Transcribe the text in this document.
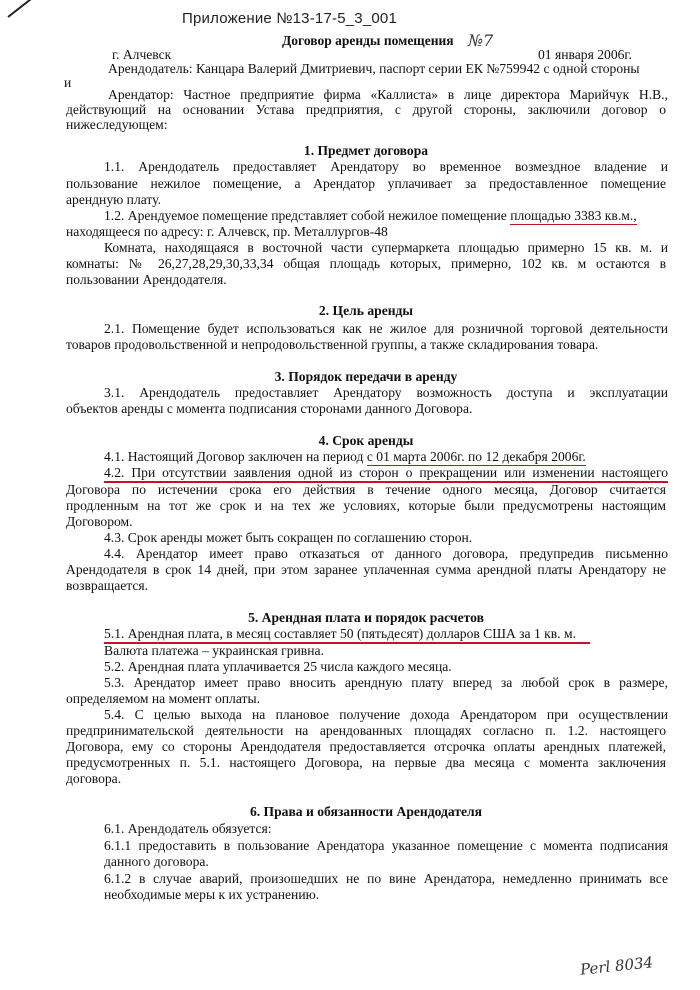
Приложение №13-17-5_3_001
№7
Договор аренды помещения
г. Алчевск	01 января 2006г.
Арендодатель: Канцара Валерий Дмитриевич, паспорт серии ЕК №759942 с одной стороны
и
Арендатор: Частное предприятие фирма «Каллиста» в лице директора Марийчук Н.В.,
действующий на основании Устава предприятия, с другой стороны, заключили договор о
нижеследующем:
1. Предмет договора
1.1. Арендодатель предоставляет Арендатору во временное возмездное владение и
пользование нежилое помещение, а Арендатор уплачивает за предоставленное помещение
арендную плату.
1.2. Арендуемое помещение представляет собой нежилое помещение площадью 3383 кв.м.,
находящееся по адресу: г. Алчевск, пр. Металлургов-48
Комната, находящаяся в восточной части супермаркета площадью примерно 15 кв. м. и
комнаты: № 26,27,28,29,30,33,34 общая площадь которых, примерно, 102 кв. м остаются в
пользовании Арендодателя.
2. Цель аренды
2.1. Помещение будет использоваться как не жилое для розничной торговой деятельности
товаров продовольственной и непродовольственной группы, а также складирования товара.
3. Порядок передачи в аренду
3.1. Арендодатель предоставляет Арендатору возможность доступа и эксплуатации
объектов аренды с момента подписания сторонами данного Договора.
4. Срок аренды
4.1. Настоящий Договор заключен на период с 01 марта 2006г. по 12 декабря 2006г.
4.2. При отсутствии заявления одной из сторон о прекращении или изменении настоящего
Договора по истечении срока его действия в течение одного месяца, Договор считается
продленным на тот же срок и на тех же условиях, которые были предусмотрены настоящим
Договором.
4.3. Срок аренды может быть сокращен по соглашению сторон.
4.4. Арендатор имеет право отказаться от данного договора, предупредив письменно
Арендодателя в срок 14 дней, при этом заранее уплаченная сумма арендной платы Арендатору не
возвращается.
5. Арендная плата и порядок расчетов
5.1. Арендная плата, в месяц составляет 50 (пятьдесят) долларов США за 1 кв. м.
Валюта платежа – украинская гривна.
5.2. Арендная плата уплачивается 25 числа каждого месяца.
5.3. Арендатор имеет право вносить арендную плату вперед за любой срок в размере,
определяемом на момент оплаты.
5.4. С целью выхода на плановое получение дохода Арендатором при осуществлении
предпринимательской деятельности на арендованных площадях согласно п. 1.2. настоящего
Договора, ему со стороны Арендодателя предоставляется отсрочка оплаты арендных платежей,
предусмотренных п. 5.1. настоящего Договора, на первые два месяца с момента заключения
договора.
6. Права и обязанности Арендодателя
6.1. Арендодатель обязуется:
6.1.1 предоставить в пользование Арендатора указанное помещение с момента подписания
данного договора.
6.1.2 в случае аварий, произошедших не по вине Арендатора, немедленно принимать все
необходимые меры к их устранению.
Perl 8034
